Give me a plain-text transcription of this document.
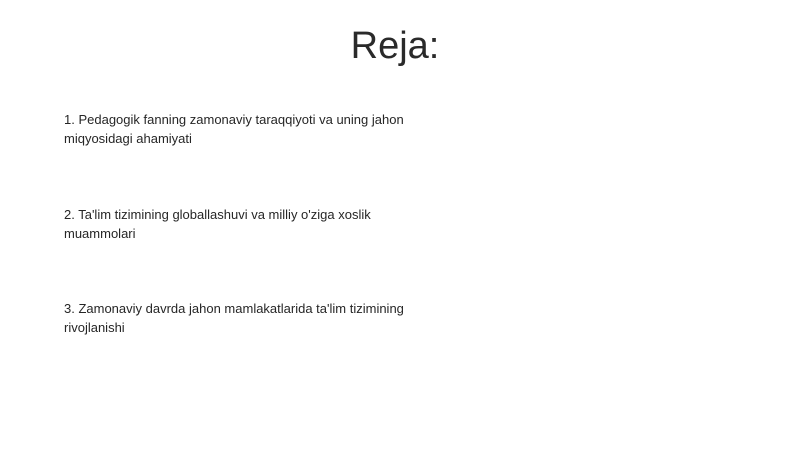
Reja:
1. Pedagogik fanning zamonaviy taraqqiyoti va uning jahon miqyosidagi ahamiyati
2. Ta'lim tizimining globallashuvi va milliy o'ziga xoslik muammolari
3. Zamonaviy davrda jahon mamlakatlarida ta'lim tizimining rivojlanishi
